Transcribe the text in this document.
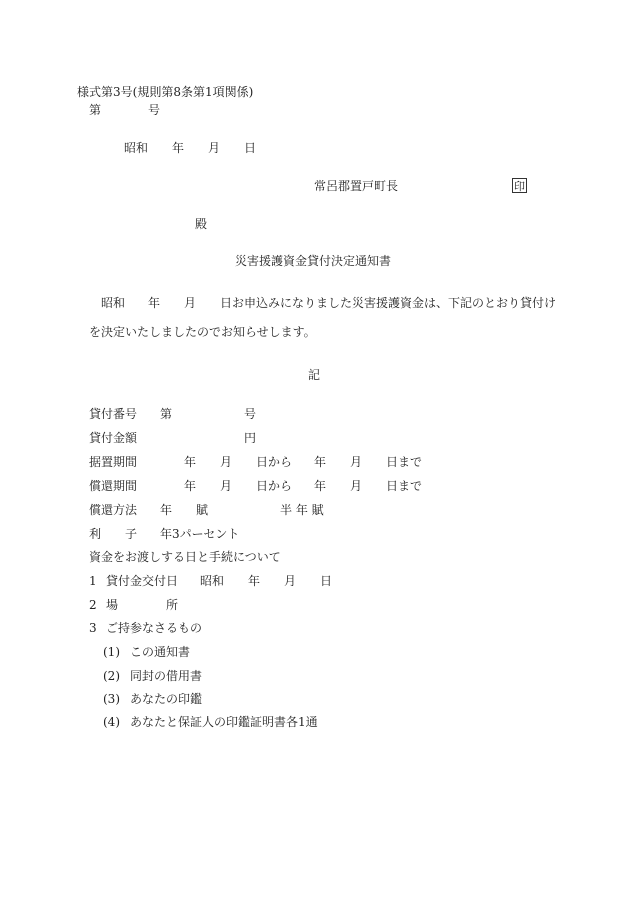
様式第3号(規則第8条第1項関係)
第	号
昭和 年 月 日
常呂郡置戸町長	印
殿
災害援護資金貸付決定通知書
昭和 年 月 日お申込みになりました災害援護資金は、下記のとおり貸付け
を決定いたしましたのでお知らせします。
記
貸付番号 第	号
貸付金額	円
据置期間	年 月 日から 年 月 日まで
償還期間	年 月 日から 年 月 日まで
償還方法 年 賦	半 年 賦
利 子 年3パーセント
資金をお渡しする日と手続について
1 貸付金交付日 昭和 年 月 日
2 場	所
3 ご持参なさるもの
(1) この通知書
(2) 同封の借用書
(3) あなたの印鑑
(4) あなたと保証人の印鑑証明書各1通
